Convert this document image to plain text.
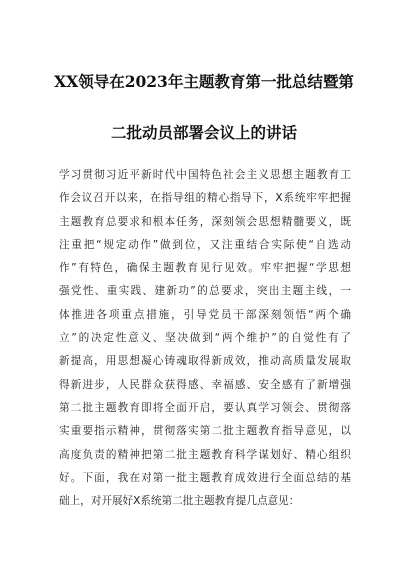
XX领导在2023年主题教育第一批总结暨第
二批动员部署会议上的讲话
学习贯彻习近平新时代中国特色社会主义思想主题教育工
作会议召开以来，在指导组的精心指导下，X系统牢牢把握
主题教育总要求和根本任务，深刻领会思想精髓要义，既
注重把“规定动作”做到位，又注重结合实际使“自选动
作”有特色，确保主题教育见行见效。牢牢把握“学思想
强党性、重实践、建新功”的总要求，突出主题主线，一
体推进各项重点措施，引导党员干部深刻领悟“两个确
立”的决定性意义、坚决做到“两个维护”的自觉性有了
新提高，用思想凝心铸魂取得新成效，推动高质量发展取
得新进步，人民群众获得感、幸福感、安全感有了新增强
第二批主题教育即将全面开启，要认真学习领会、贯彻落
实重要指示精神，贯彻落实第二批主题教育指导意见，以
高度负责的精神把第二批主题教育科学谋划好、精心组织
好。下面，我在对第一批主题教育成效进行全面总结的基
础上，对开展好X系统第二批主题教育提几点意见：
